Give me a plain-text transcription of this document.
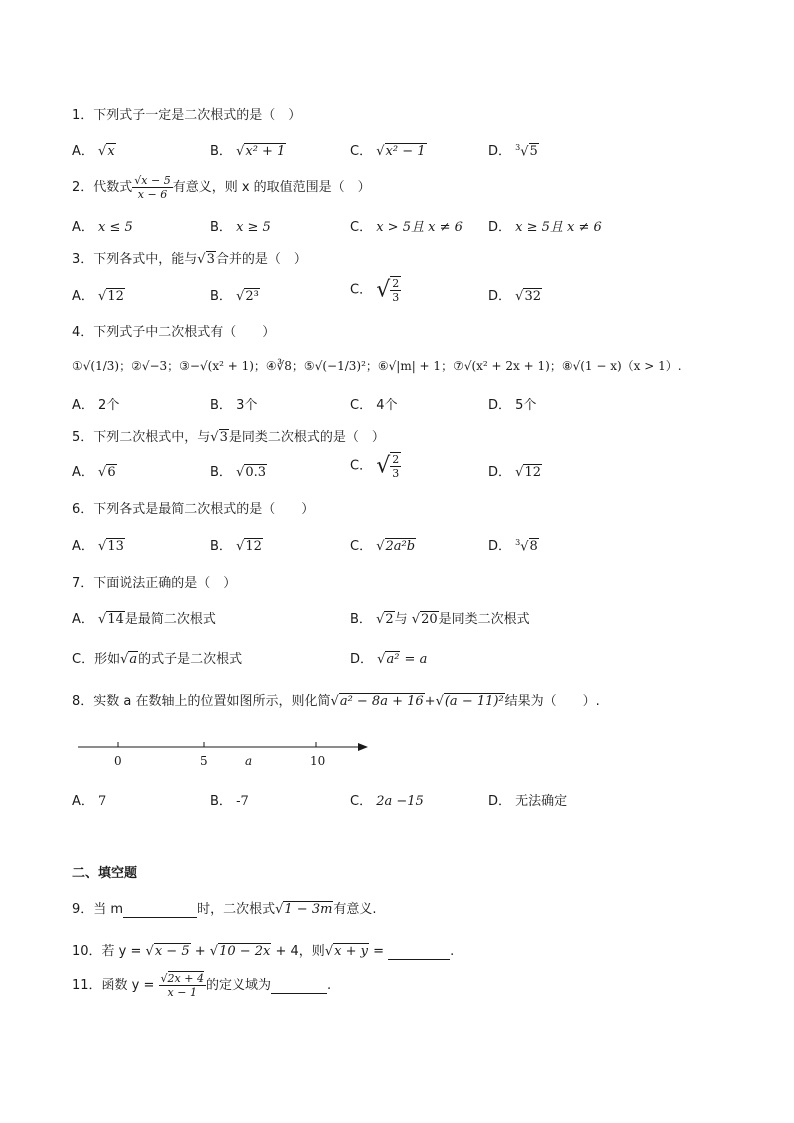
1．下列式子一定是二次根式的是（　）
A． √x	B． √x² + 1	C． √x² − 1	D． $^3$√5
2．代数式 $\frac{√x - 5}{x - 6}$ 有意义，则 x 的取值范围是（　）
A． x ≤ 5	B． x ≥ 5	C． x > 5且 x ≠ 6 D． x ≥ 5且 x ≠ 6
3．下列各式中，能与√3合并的是（　）
A． √12	B． √2³	C． √ $\frac{2}{3}$	D． √32
4．下列式子中二次根式有（　　）
①√(1/3)；②√−3；③−√(x² + 1)；④∛8；⑤√(−1/3)²；⑥√|m| + 1；⑦√(x² + 2x + 1)；⑧√(1 − x)（x > 1）.
A． 2个	B． 3个	C． 4个	D． 5个
5．下列二次根式中，与√3是同类二次根式的是（　）
A． √6	B． √0.3	C． √ $\frac{2}{3}$	D． √12
6．下列各式是最简二次根式的是（　　）
A． √13	B． √12	C． √2a²b	D． $^3$√8
7．下面说法正确的是（　）
A． √14是最简二次根式	B． √2与 √20是同类二次根式
C．形如√a的式子是二次根式	D． √a² = a
8．实数 a 在数轴上的位置如图所示，则化简√a² − 8a + 16+√(a − 11)²结果为（　　）.
0	5	a	10
A． 7	B． -7	C． 2a −15	D． 无法确定
二、填空题
9．当 m	时，二次根式√1 − 3m有意义.
10．若 y = √x − 5 + √10 − 2x + 4，则√x + y =	.
11．函数 $y = \frac{√2x + 4}{x - 1}$ 的定义域为	.
